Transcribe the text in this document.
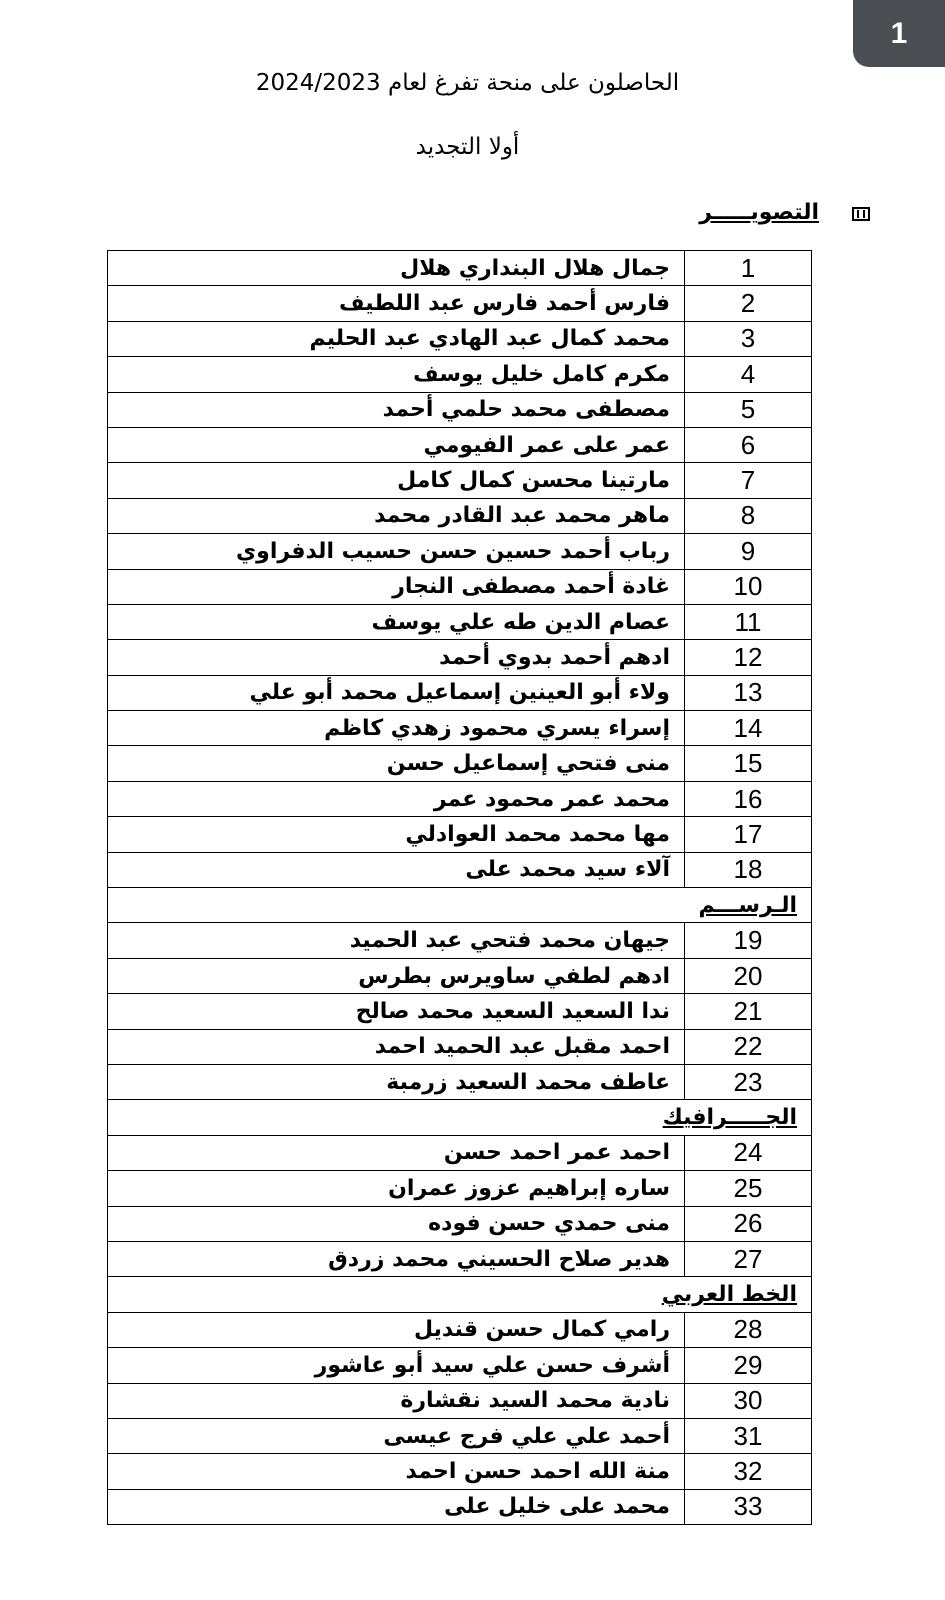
1
الحاصلون على منحة تفرغ لعام 2024/2023
أولا التجديد
التصويـــــر
1	جمال هلال البنداري هلال
2	فارس أحمد فارس عبد اللطيف
3	محمد كمال عبد الهادي عبد الحليم
4	مكرم كامل خليل يوسف
5	مصطفى محمد حلمي أحمد
6	عمر على عمر الفيومي
7	مارتينا محسن كمال كامل
8	ماهر محمد عبد القادر محمد
9	رباب أحمد حسين حسن حسيب الدفراوي
10	غادة أحمد مصطفى النجار
11	عصام الدين طه علي يوسف
12	ادهم أحمد بدوي أحمد
13	ولاء أبو العينين إسماعيل محمد أبو علي
14	إسراء يسري محمود زهدي كاظم
15	منى فتحي إسماعيل حسن
16	محمد عمر محمود عمر
17	مها محمد محمد العوادلي
18	آلاء سيد محمد على
الـرســـم	
19	جيهان محمد فتحي عبد الحميد
20	ادهم لطفي ساويرس بطرس
21	ندا السعيد السعيد محمد صالح
22	احمد مقبل عبد الحميد احمد
23	عاطف محمد السعيد زرمبة
الجـــــرافيك	
24	احمد عمر احمد حسن
25	ساره إبراهيم عزوز عمران
26	منى حمدي حسن فوده
27	هدير صلاح الحسيني محمد زردق
الخط العربي	
28	رامي كمال حسن قنديل
29	أشرف حسن علي سيد أبو عاشور
30	نادية محمد السيد نقشارة
31	أحمد علي علي فرج عيسى
32	منة الله احمد حسن احمد
33	محمد على خليل على
